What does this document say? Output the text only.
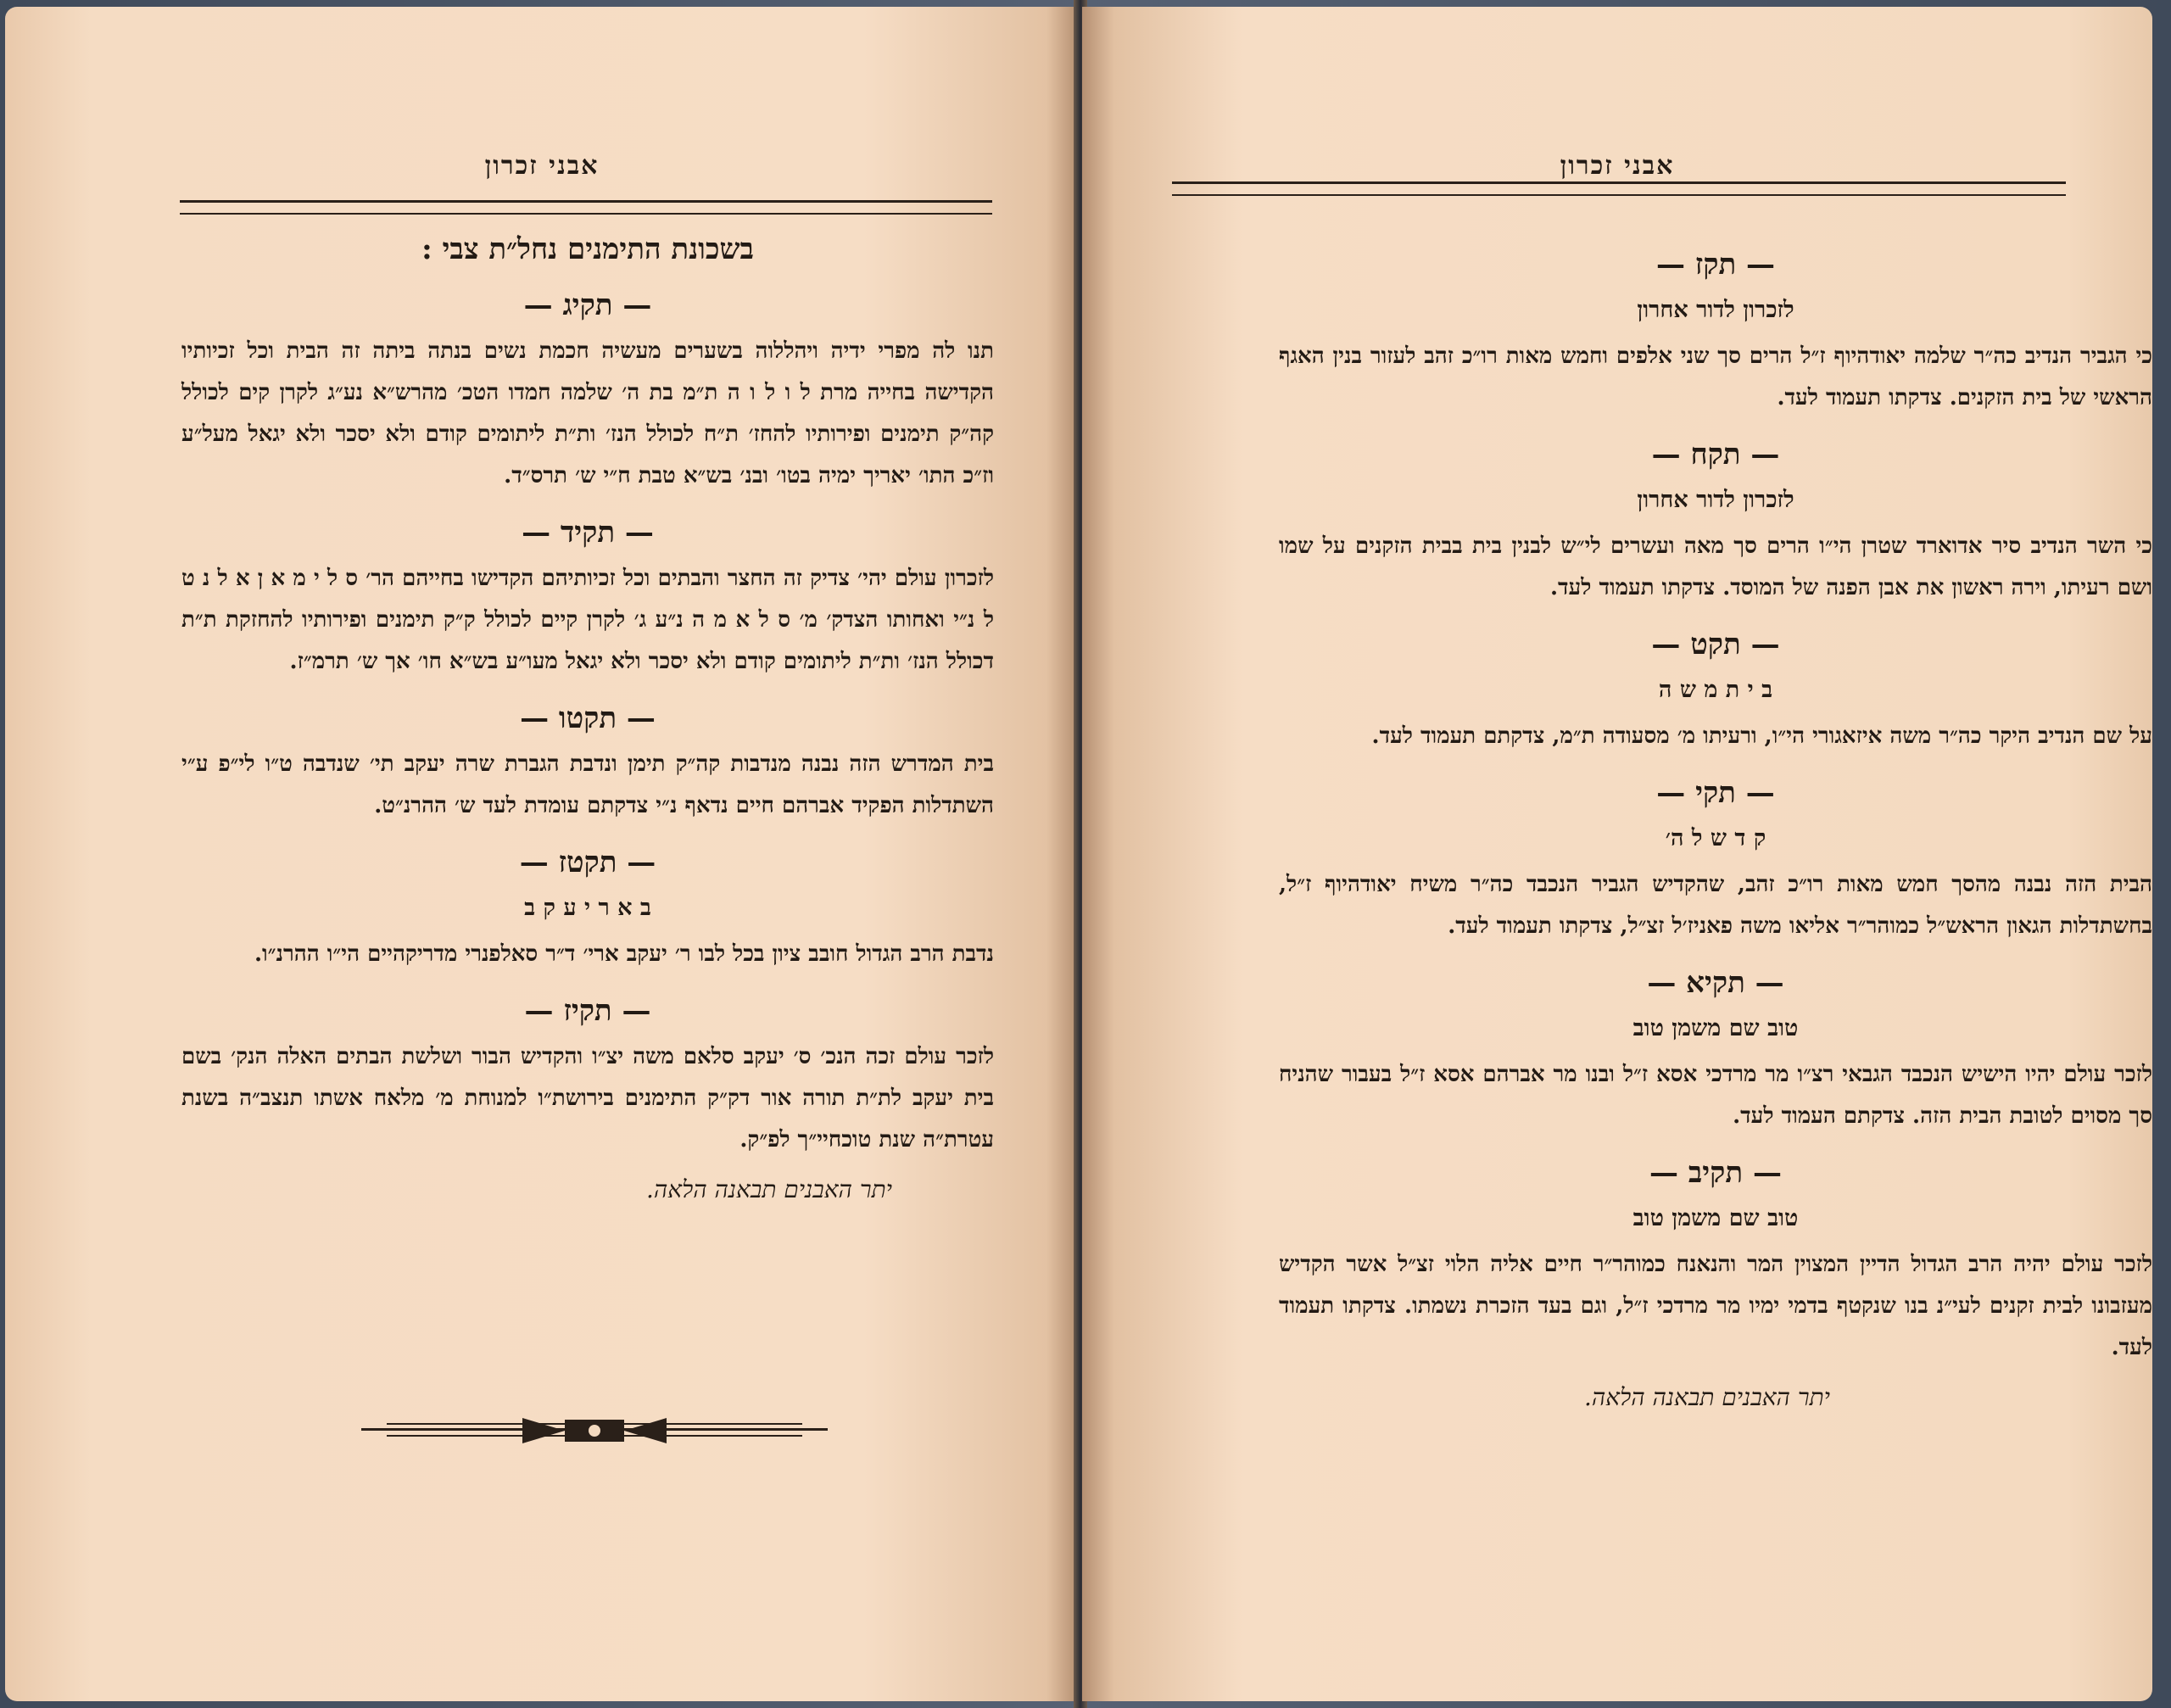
אבני זכרון
בשכונת התימנים נחל״ת צבי :
— תקיג —
תנו לה מפרי ידיה ויהללוה בשערים מעשיה חכמת נשים בנתה ביתה זה הבית וכל זכיותיו הקדישה בחייה מרת ל ו ל ו ה ת״מ בת ה׳ שלמה חמדו הטכ׳ מהרש״א נע״ג לקרן קים לכולל קה״ק תימנים ופירותיו להחז׳ ת״ח לכולל הנז׳ ות״ת ליתומים קודם ולא יסכר ולא יגאל מעל״ע וז״כ התו׳ יאריך ימיה בטו׳ ובנ׳ בש״א טבת ח״י ש׳ תרס״ד.
— תקיד —
לזכרון עולם יהי׳ צדיק זה החצר והבתים וכל זכיותיהם הקדישו בחייהם הר׳ ס ל י מ א ן א ל נ ט ל נ״י ואחותו הצדק׳ מ׳ ס ל א מ ה נ״ע ג׳ לקרן קיים לכולל ק״ק תימנים ופירותיו להחזקת ת״ת דכולל הנז׳ ות״ת ליתומים קודם ולא יסכר ולא יגאל מעו״ע בש״א חו׳ אך ש׳ תרמ״ז.
— תקטו —
בית המדרש הזה נבנה מנדבות קה״ק תימן ונדבת הגברת שרה יעקב תי׳ שנדבה ט״ו לי״פ ע״י השתדלות הפקיד אברהם חיים נדאף נ״י צדקתם עומדת לעד ש׳ ההרנ״ט.
— תקטז —
ב א ר י ע ק ב
נדבת הרב הגדול חובב ציון בכל לבו ר׳ יעקב ארי׳ ד״ר סאלפנרי מדריקהיים הי״ו ההרנ״ו.
— תקיז —
לזכר עולם זכה הנכ׳ ס׳ יעקב סלאם משה יצ״ו והקדיש הבור ושלשת הבתים האלה הנק׳ בשם בית יעקב לת״ת תורה אור דק״ק התימנים בירושת״ו למנוחת מ׳ מלאח אשתו תנצב״ה בשנת עטרת״ה שנת טוכחיי״ך לפ״ק.
יתר האבנים תבאנה הלאה.
אבני זכרון
— תקז —
לזכרון לדור אחרון
כי הגביר הנדיב כה״ר שלמה יאודהיוף ז״ל הרים סך שני אלפים וחמש מאות רו״כ זהב לעזור בנין האגף הראשי של בית הזקנים. צדקתו תעמוד לעד.
— תקח —
לזכרון לדור אחרון
כי השר הנדיב סיר אדוארד שטרן הי״ו הרים סך מאה ועשרים לי״ש לבנין בית בבית הזקנים על שמו ושם רעיתו, וירה ראשון את אבן הפנה של המוסד. צדקתו תעמוד לעד.
— תקט —
ב י ת מ ש ה
על שם הנדיב היקר כה״ר משה איזאגורי הי״ו, ורעיתו מ׳ מסעודה ת״מ, צדקתם תעמוד לעד.
— תקי —
ק ד ש ל ה׳
הבית הזה נבנה מהסך חמש מאות רו״כ זהב, שהקדיש הגביר הנכבד כה״ר משיח יאודהיוף ז״ל, בחשתדלות הגאון הראש״ל כמוהר״ר אליאו משה פאניז׳ל זצ״ל, צדקתו תעמוד לעד.
— תקיא —
טוב שם משמן טוב
לזכר עולם יהיו הישיש הנכבד הגבאי רצ״ו מר מרדכי אסא ז״ל ובנו מר אברהם אסא ז״ל בעבור שהניח סך מסוים לטובת הבית הזה. צדקתם העמוד לעד.
— תקיב —
טוב שם משמן טוב
לזכר עולם יהיה הרב הגדול הדיין המצוין המר והנאנח כמוהר״ר חיים אליה הלוי זצ״ל אשר הקדיש מעזבונו לבית זקנים לעי״נ בנו שנקטף בדמי ימיו מר מרדכי ז״ל, וגם בעד הזכרת נשמתו. צדקתו תעמוד לעד.
יתר האבנים תבאנה הלאה.
